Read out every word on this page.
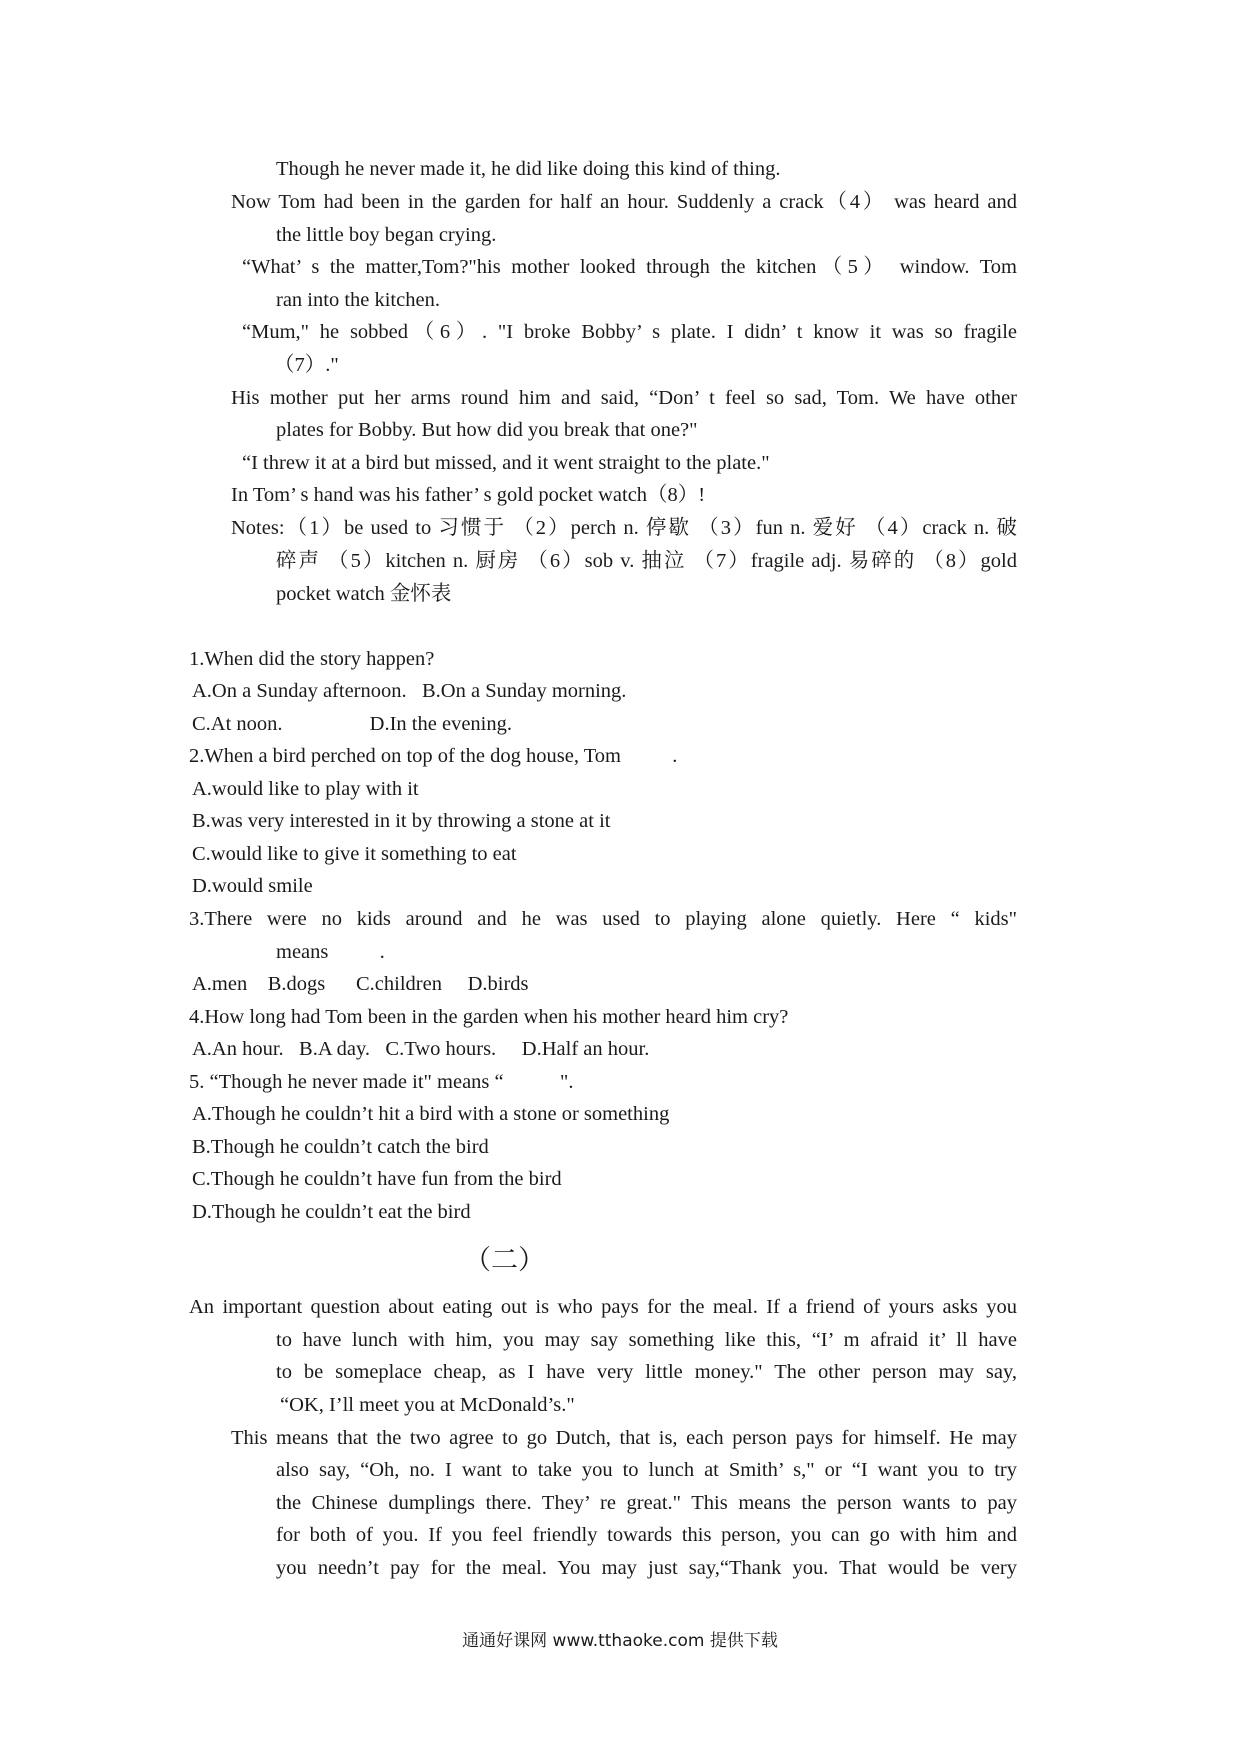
Though he never made it, he did like doing this kind of thing.
Now Tom had been in the garden for half an hour. Suddenly a crack（4） was heard and
the little boy began crying.
“What’ s the matter,Tom?"his mother looked through the kitchen（5） window. Tom
ran into the kitchen.
“Mum," he sobbed（6）. "I broke Bobby’ s plate. I didn’ t know it was so fragile
（7）."
His mother put her arms round him and said, “Don’ t feel so sad, Tom. We have other
plates for Bobby. But how did you break that one?"
“I threw it at a bird but missed, and it went straight to the plate."
In Tom’ s hand was his father’ s gold pocket watch（8）!
Notes:（1）be used to 习惯于 （2）perch n. 停歇 （3）fun n. 爱好 （4）crack n. 破
碎声 （5）kitchen n. 厨房 （6）sob v. 抽泣 （7）fragile adj. 易碎的 （8）gold
pocket watch 金怀表
1.When did the story happen?
A.On a Sunday afternoon.   B.On a Sunday morning.
C.At noon.                 D.In the evening.
2.When a bird perched on top of the dog house, Tom          .
A.would like to play with it
B.was very interested in it by throwing a stone at it
C.would like to give it something to eat
D.would smile
3.There were no kids around and he was used to playing alone quietly. Here “ kids"
means          .
A.men    B.dogs      C.children     D.birds
4.How long had Tom been in the garden when his mother heard him cry?
A.An hour.   B.A day.   C.Two hours.     D.Half an hour.
5. “Though he never made it" means “           ".
A.Though he couldn’t hit a bird with a stone or something
B.Though he couldn’t catch the bird
C.Though he couldn’t have fun from the bird
D.Though he couldn’t eat the bird
（二）
An important question about eating out is who pays for the meal. If a friend of yours asks you
to have lunch with him, you may say something like this, “I’ m afraid it’ ll have
to be someplace cheap, as I have very little money." The other person may say,
“OK, I’ll meet you at McDonald’s."
This means that the two agree to go Dutch, that is, each person pays for himself. He may
also say, “Oh, no. I want to take you to lunch at Smith’ s," or “I want you to try
the Chinese dumplings there. They’ re great." This means the person wants to pay
for both of you. If you feel friendly towards this person, you can go with him and
you needn’t pay for the meal. You may just say,“Thank you. That would be very
通通好课网 www.tthaoke.com 提供下载
